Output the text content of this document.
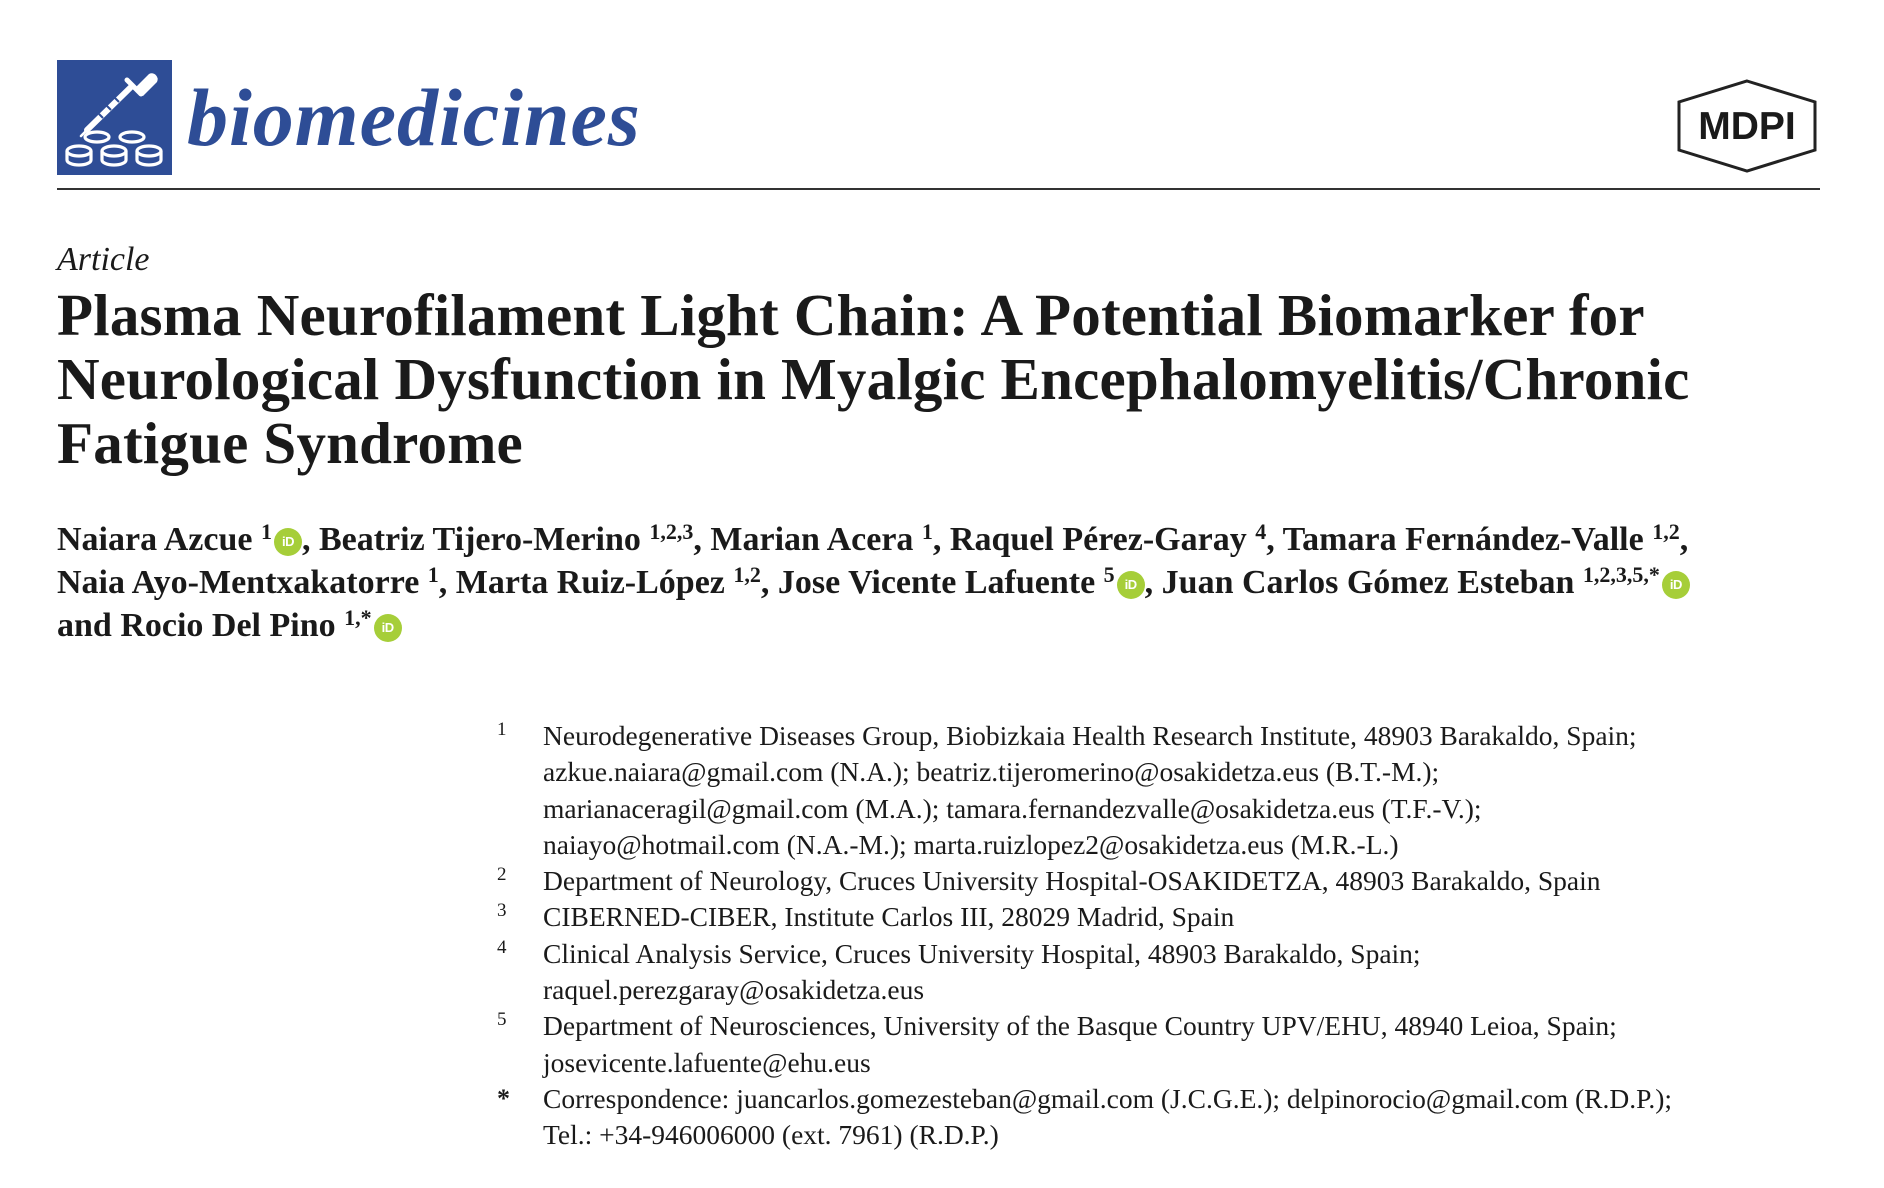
biomedicines	MDPI
Article
Plasma Neurofilament Light Chain: A Potential Biomarker for Neurological Dysfunction in Myalgic Encephalomyelitis/Chronic Fatigue Syndrome
Naiara Azcue $^1$ iD , Beatriz Tijero-Merino $^{1,2,3}$, Marian Acera $^1$, Raquel Pérez-Garay $^4$, Tamara Fernández-Valle $^{1,2}$,
Naia Ayo-Mentxakatorre $^1$, Marta Ruiz-López $^{1,2}$, Jose Vicente Lafuente $^5$ iD , Juan Carlos Gómez Esteban $^{1,2,3,5,*}$ iD
and Rocio Del Pino $^{1,*}$ iD
1 Neurodegenerative Diseases Group, Biobizkaia Health Research Institute, 48903 Barakaldo, Spain;
azkue.naiara@gmail.com (N.A.); beatriz.tijeromerino@osakidetza.eus (B.T.-M.);
marianaceragil@gmail.com (M.A.); tamara.fernandezvalle@osakidetza.eus (T.F.-V.);
naiayo@hotmail.com (N.A.-M.); marta.ruizlopez2@osakidetza.eus (M.R.-L.)
2 Department of Neurology, Cruces University Hospital-OSAKIDETZA, 48903 Barakaldo, Spain
3 CIBERNED-CIBER, Institute Carlos III, 28029 Madrid, Spain
4 Clinical Analysis Service, Cruces University Hospital, 48903 Barakaldo, Spain;
raquel.perezgaray@osakidetza.eus
5 Department of Neurosciences, University of the Basque Country UPV/EHU, 48940 Leioa, Spain;
josevicente.lafuente@ehu.eus
* Correspondence: juancarlos.gomezesteban@gmail.com (J.C.G.E.); delpinorocio@gmail.com (R.D.P.);
Tel.: +34-946006000 (ext. 7961) (R.D.P.)
